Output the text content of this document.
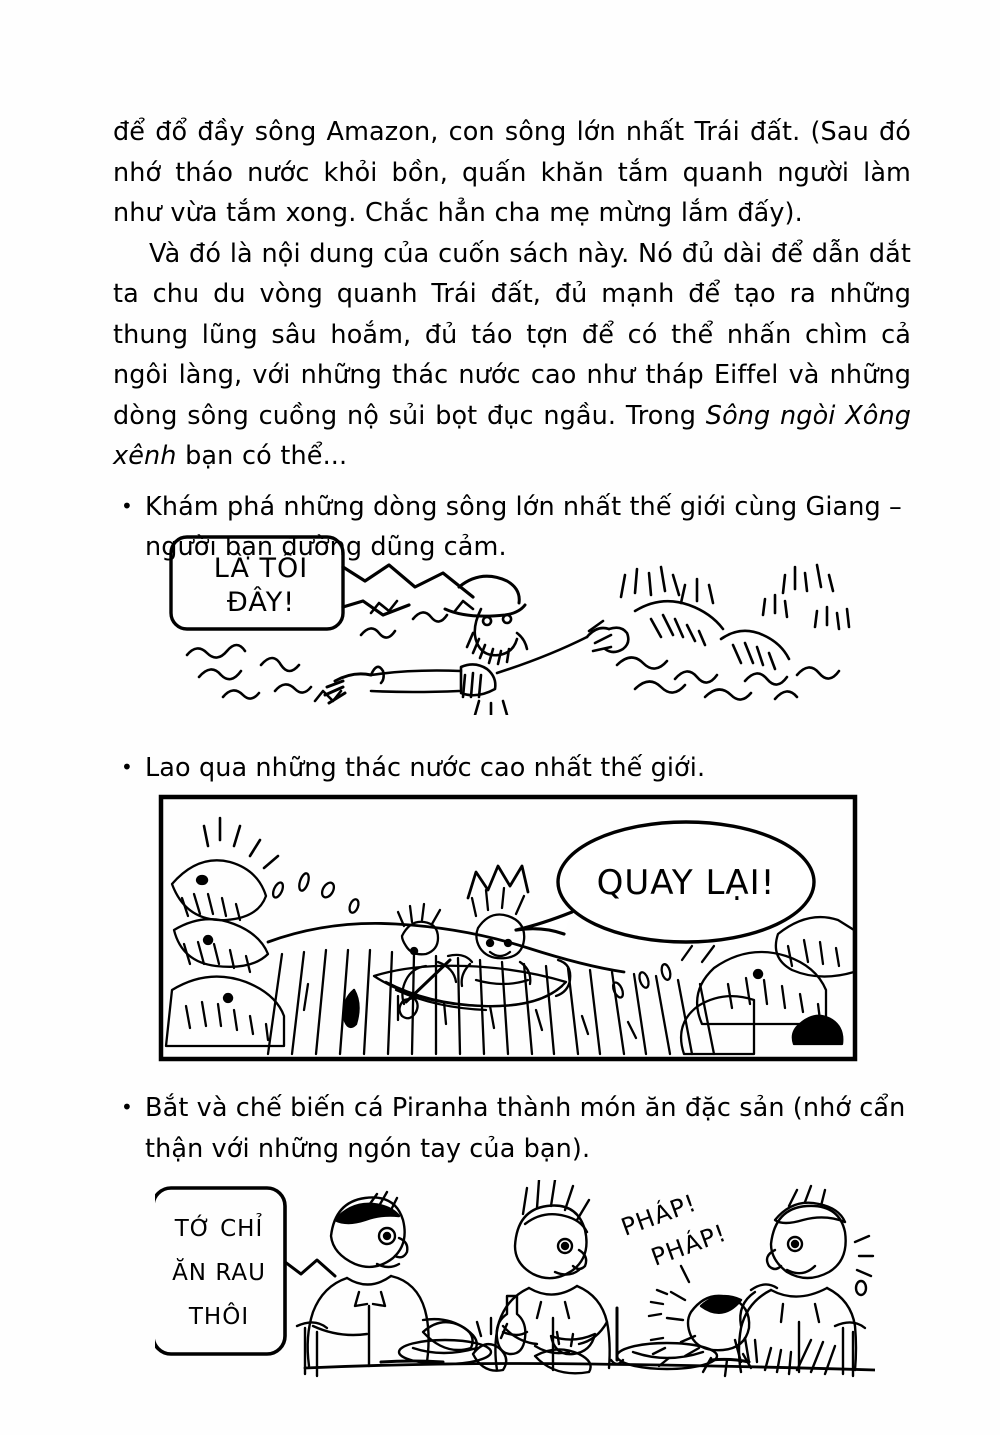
để đổ đầy sông Amazon, con sông lớn nhất Trái đất. (Sau đó nhớ tháo nước khỏi bồn, quấn khăn tắm quanh người làm như vừa tắm xong. Chắc hẳn cha mẹ mừng lắm đấy).

Và đó là nội dung của cuốn sách này. Nó đủ dài để dẫn dắt ta chu du vòng quanh Trái đất, đủ mạnh để tạo ra những thung lũng sâu hoắm, đủ táo tợn để có thể nhấn chìm cả ngôi làng, với những thác nước cao như tháp Eiffel và những dòng sông cuồng nộ sủi bọt đục ngầu. Trong Sông ngòi Xông xênh bạn có thể...

• Khám phá những dòng sông lớn nhất thế giới cùng Giang – người bạn đường dũng cảm.
LÀ TÔI
ĐÂY!
• Lao qua những thác nước cao nhất thế giới.
QUAY LẠI!
• Bắt và chế biến cá Piranha thành món ăn đặc sản (nhớ cẩn thận với những ngón tay của bạn).
TỚ CHỈ
ĂN RAU
THÔI
PHÁP!
PHÁP!
